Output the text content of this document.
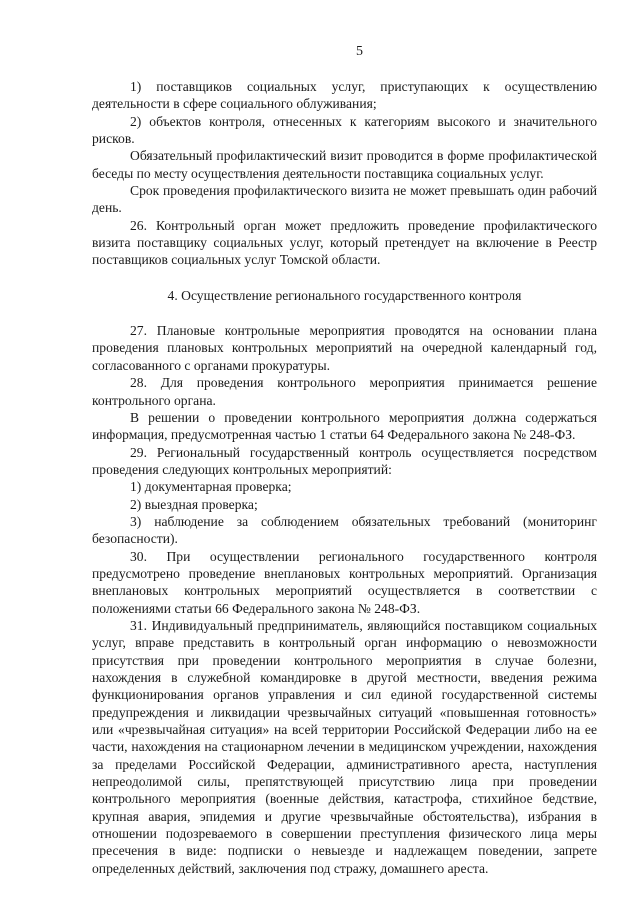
5

1) поставщиков социальных услуг, приступающих к осуществлению деятельности в сфере социального облуживания;

2) объектов контроля, отнесенных к категориям высокого и значительного рисков.

Обязательный профилактический визит проводится в форме профилактической беседы по месту осуществления деятельности поставщика социальных услуг.

Срок проведения профилактического визита не может превышать один рабочий день.

26. Контрольный орган может предложить проведение профилактического визита поставщику социальных услуг, который претендует на включение в Реестр поставщиков социальных услуг Томской области.

4. Осуществление регионального государственного контроля

27. Плановые контрольные мероприятия проводятся на основании плана проведения плановых контрольных мероприятий на очередной календарный год, согласованного с органами прокуратуры.

28. Для проведения контрольного мероприятия принимается решение контрольного органа.

В решении о проведении контрольного мероприятия должна содержаться информация, предусмотренная частью 1 статьи 64 Федерального закона № 248-ФЗ.

29. Региональный государственный контроль осуществляется посредством проведения следующих контрольных мероприятий:

1) документарная проверка;

2) выездная проверка;

3) наблюдение за соблюдением обязательных требований (мониторинг безопасности).

30. При осуществлении регионального государственного контроля предусмотрено проведение внеплановых контрольных мероприятий. Организация внеплановых контрольных мероприятий осуществляется в соответствии с положениями статьи 66 Федерального закона № 248-ФЗ.

31. Индивидуальный предприниматель, являющийся поставщиком социальных услуг, вправе представить в контрольный орган информацию о невозможности присутствия при проведении контрольного мероприятия в случае болезни, нахождения в служебной командировке в другой местности, введения режима функционирования органов управления и сил единой государственной системы предупреждения и ликвидации чрезвычайных ситуаций «повышенная готовность» или «чрезвычайная ситуация» на всей территории Российской Федерации либо на ее части, нахождения на стационарном лечении в медицинском учреждении, нахождения за пределами Российской Федерации, административного ареста, наступления непреодолимой силы, препятствующей присутствию лица при проведении контрольного мероприятия (военные действия, катастрофа, стихийное бедствие, крупная авария, эпидемия и другие чрезвычайные обстоятельства), избрания в отношении подозреваемого в совершении преступления физического лица меры пресечения в виде: подписки о невыезде и надлежащем поведении, запрете определенных действий, заключения под стражу, домашнего ареста.
